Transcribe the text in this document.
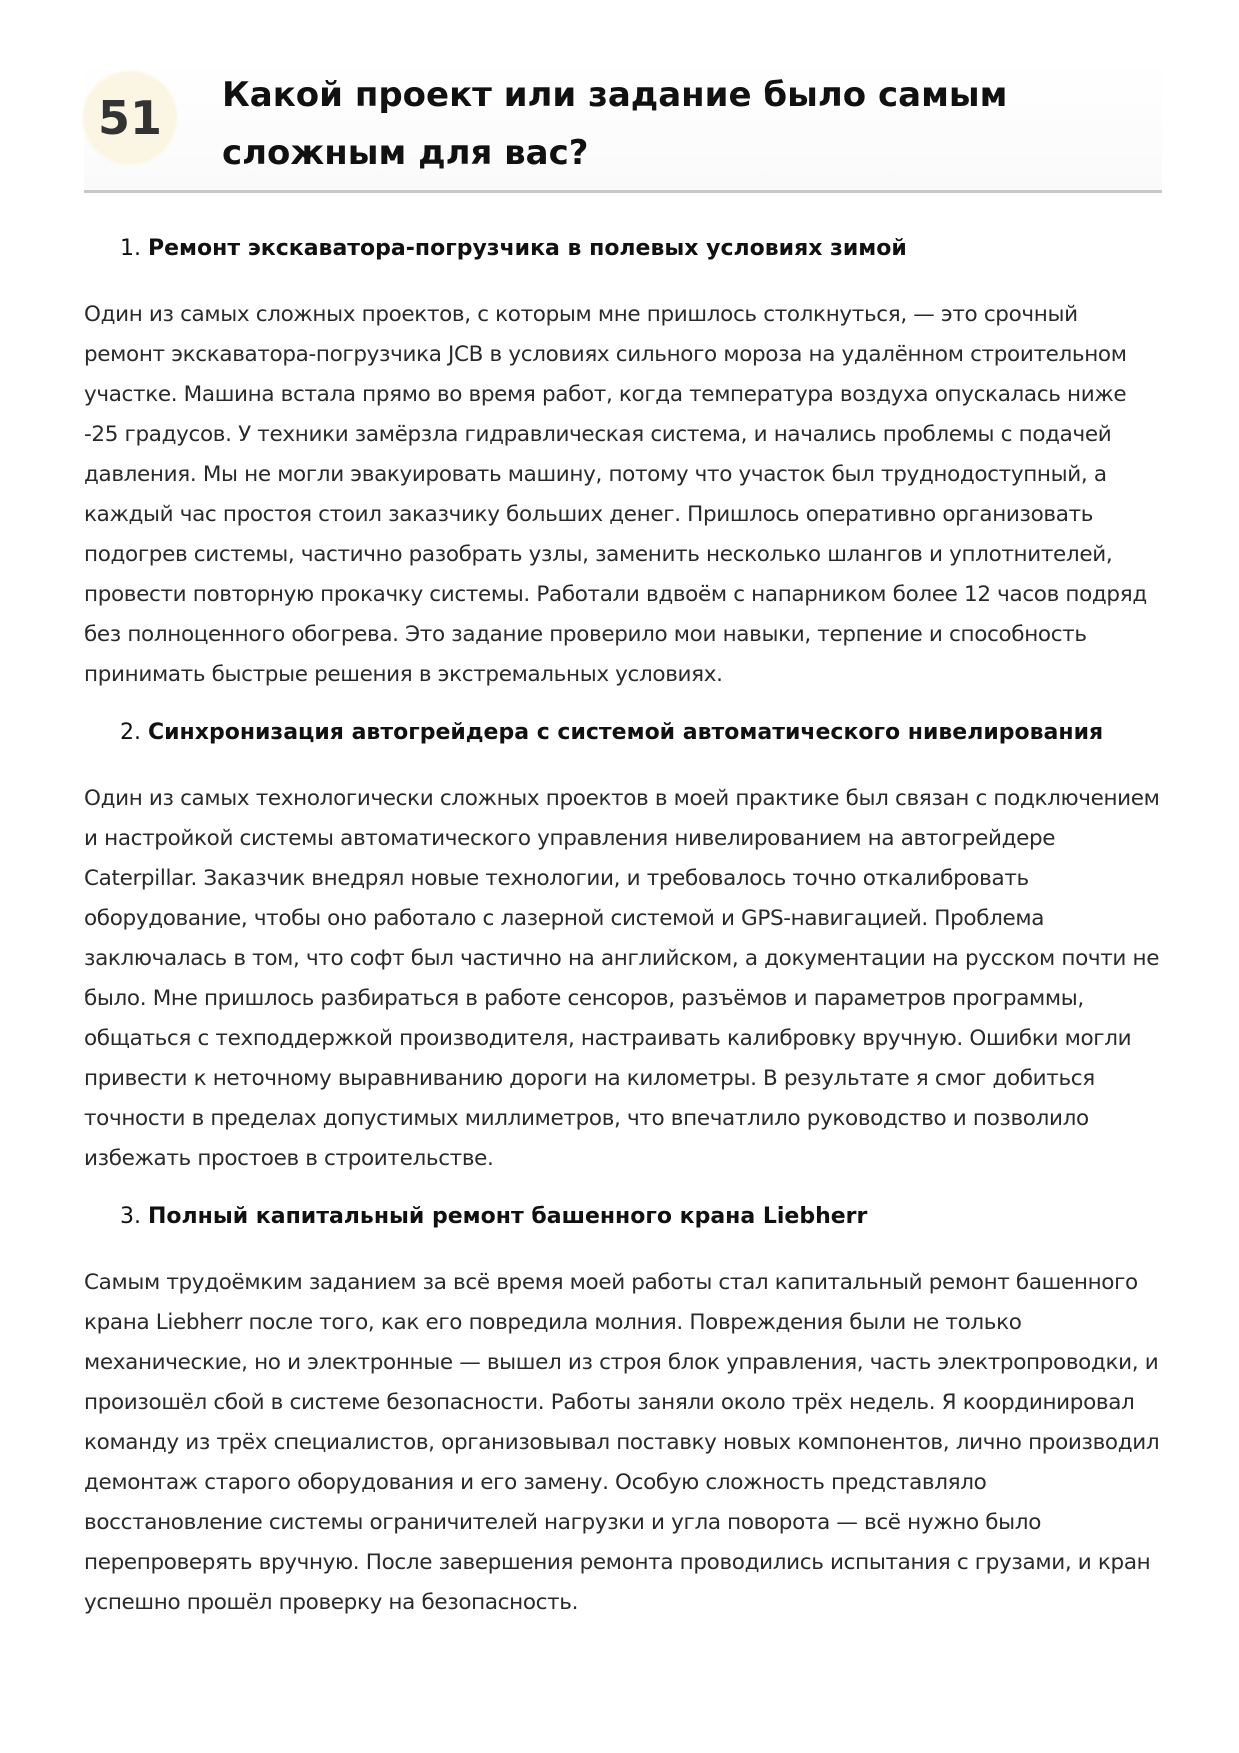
51	Какой проект или задание было самым сложным для вас?

1. Ремонт экскаватора-погрузчика в полевых условиях зимой

Один из самых сложных проектов, с которым мне пришлось столкнуться, — это срочный ремонт экскаватора-погрузчика JCB в условиях сильного мороза на удалённом строительном участке. Машина встала прямо во время работ, когда температура воздуха опускалась ниже -25 градусов. У техники замёрзла гидравлическая система, и начались проблемы с подачей давления. Мы не могли эвакуировать машину, потому что участок был труднодоступный, а каждый час простоя стоил заказчику больших денег. Пришлось оперативно организовать подогрев системы, частично разобрать узлы, заменить несколько шлангов и уплотнителей, провести повторную прокачку системы. Работали вдвоём с напарником более 12 часов подряд без полноценного обогрева. Это задание проверило мои навыки, терпение и способность принимать быстрые решения в экстремальных условиях.

2. Синхронизация автогрейдера с системой автоматического нивелирования

Один из самых технологически сложных проектов в моей практике был связан с подключением и настройкой системы автоматического управления нивелированием на автогрейдере Caterpillar. Заказчик внедрял новые технологии, и требовалось точно откалибровать оборудование, чтобы оно работало с лазерной системой и GPS-навигацией. Проблема заключалась в том, что софт был частично на английском, а документации на русском почти не было. Мне пришлось разбираться в работе сенсоров, разъёмов и параметров программы, общаться с техподдержкой производителя, настраивать калибровку вручную. Ошибки могли привести к неточному выравниванию дороги на километры. В результате я смог добиться точности в пределах допустимых миллиметров, что впечатлило руководство и позволило избежать простоев в строительстве.

3. Полный капитальный ремонт башенного крана Liebherr

Самым трудоёмким заданием за всё время моей работы стал капитальный ремонт башенного крана Liebherr после того, как его повредила молния. Повреждения были не только механические, но и электронные — вышел из строя блок управления, часть электропроводки, и произошёл сбой в системе безопасности. Работы заняли около трёх недель. Я координировал команду из трёх специалистов, организовывал поставку новых компонентов, лично производил демонтаж старого оборудования и его замену. Особую сложность представляло восстановление системы ограничителей нагрузки и угла поворота — всё нужно было перепроверять вручную. После завершения ремонта проводились испытания с грузами, и кран успешно прошёл проверку на безопасность.
